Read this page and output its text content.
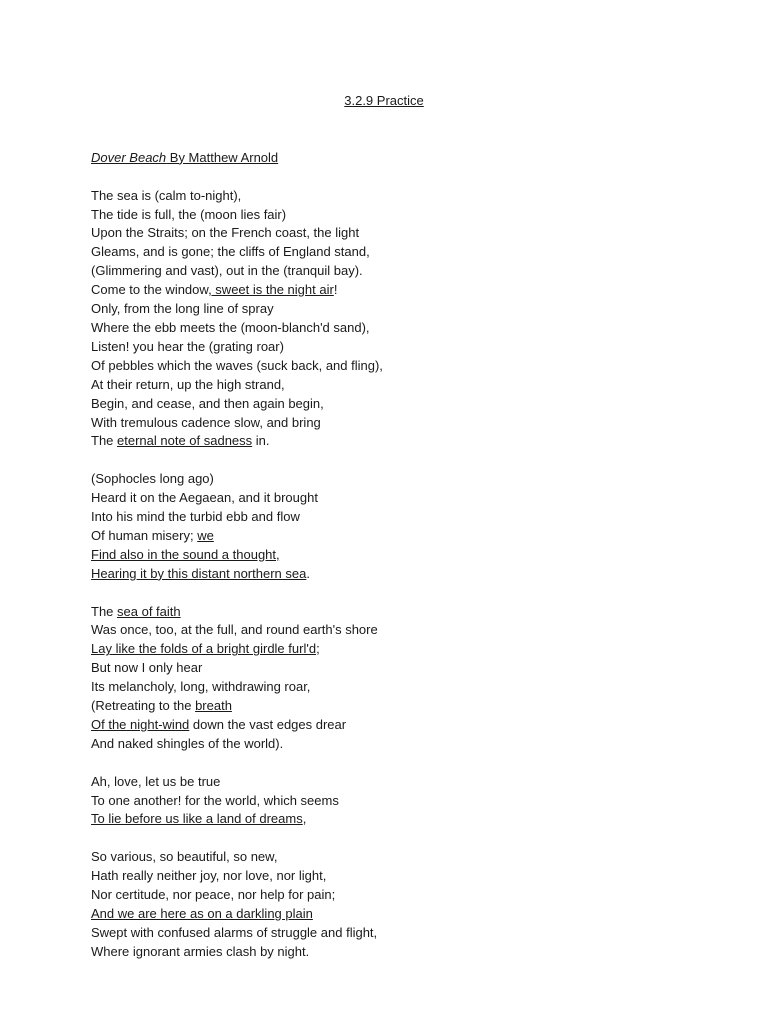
3.2.9 Practice

Dover Beach By Matthew Arnold

The sea is (calm to-night),
The tide is full, the (moon lies fair)
Upon the Straits; on the French coast, the light
Gleams, and is gone; the cliffs of England stand,
(Glimmering and vast), out in the (tranquil bay).
Come to the window, sweet is the night air!
Only, from the long line of spray
Where the ebb meets the (moon-blanch'd sand),
Listen! you hear the (grating roar)
Of pebbles which the waves (suck back, and fling),
At their return, up the high strand,
Begin, and cease, and then again begin,
With tremulous cadence slow, and bring
The eternal note of sadness in.
(Sophocles long ago)
Heard it on the Aegaean, and it brought
Into his mind the turbid ebb and flow
Of human misery; we
Find also in the sound a thought,
Hearing it by this distant northern sea.
The sea of faith
Was once, too, at the full, and round earth's shore
Lay like the folds of a bright girdle furl'd;
But now I only hear
Its melancholy, long, withdrawing roar,
(Retreating to the breath
Of the night-wind down the vast edges drear
And naked shingles of the world).
Ah, love, let us be true
To one another! for the world, which seems
To lie before us like a land of dreams,
So various, so beautiful, so new,
Hath really neither joy, nor love, nor light,
Nor certitude, nor peace, nor help for pain;
And we are here as on a darkling plain
Swept with confused alarms of struggle and flight,
Where ignorant armies clash by night.
